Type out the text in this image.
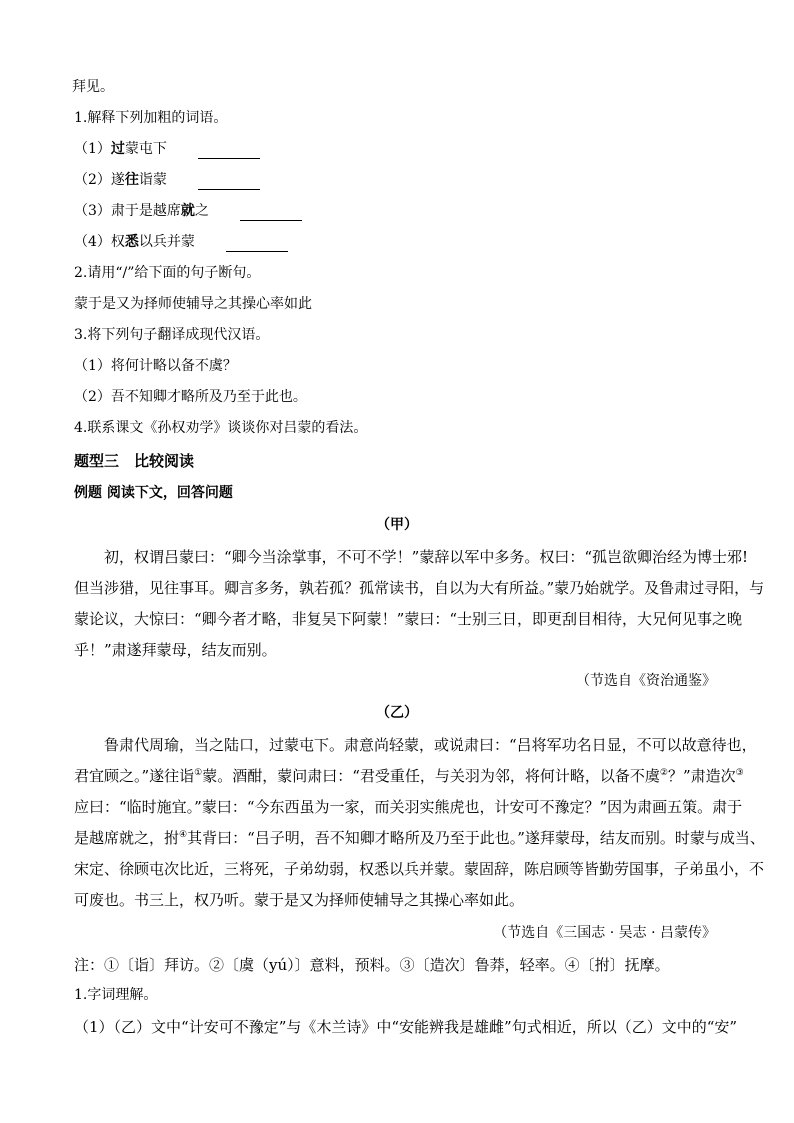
拜见。
1.解释下列加粗的词语。
（1）过蒙屯下
（2）遂往诣蒙
（3）肃于是越席就之
（4）权悉以兵并蒙
2.请用“/”给下面的句子断句。
蒙于是又为择师使辅导之其操心率如此
3.将下列句子翻译成现代汉语。
（1）将何计略以备不虞？
（2）吾不知卿才略所及乃至于此也。
4.联系课文《孙权劝学》谈谈你对吕蒙的看法。
题型三　比较阅读
例题 阅读下文，回答问题
（甲）
　　初，权谓吕蒙曰：“卿今当涂掌事，不可不学！”蒙辞以军中多务。权曰：“孤岂欲卿治经为博士邪!
但当涉猎，见往事耳。卿言多务，孰若孤？孤常读书，自以为大有所益。”蒙乃始就学。及鲁肃过寻阳，与
蒙论议，大惊曰：“卿今者才略，非复吴下阿蒙！”蒙曰：“士别三日，即更刮目相待，大兄何见事之晚
乎！”肃遂拜蒙母，结友而别。
（节选自《资治通鉴》
（乙）
　　鲁肃代周瑜，当之陆口，过蒙屯下。肃意尚轻蒙，或说肃曰：“吕将军功名日显，不可以故意待也，
君宜顾之。”遂往诣①蒙。酒酣，蒙问肃曰：“君受重任，与关羽为邻，将何计略，以备不虞②？”肃造次③
应曰：“临时施宜。”蒙曰：“今东西虽为一家，而关羽实熊虎也，计安可不豫定？”因为肃画五策。肃于
是越席就之，拊④其背曰：“吕子明，吾不知卿才略所及乃至于此也。”遂拜蒙母，结友而别。时蒙与成当、
宋定、徐顾屯次比近，三将死，子弟幼弱，权悉以兵并蒙。蒙固辞，陈启顾等皆勤劳国事，子弟虽小，不
可废也。书三上，权乃听。蒙于是又为择师使辅导之其操心率如此。
（节选自《三国志 · 吴志 · 吕蒙传》
注：①〔诣〕拜访。②〔虞（yú）〕意料，预料。③〔造次〕鲁莽，轻率。④〔拊〕抚摩。
1.字词理解。
（1）（乙）文中“计安可不豫定”与《木兰诗》中“安能辨我是雄雌”句式相近，所以（乙）文中的“安”
